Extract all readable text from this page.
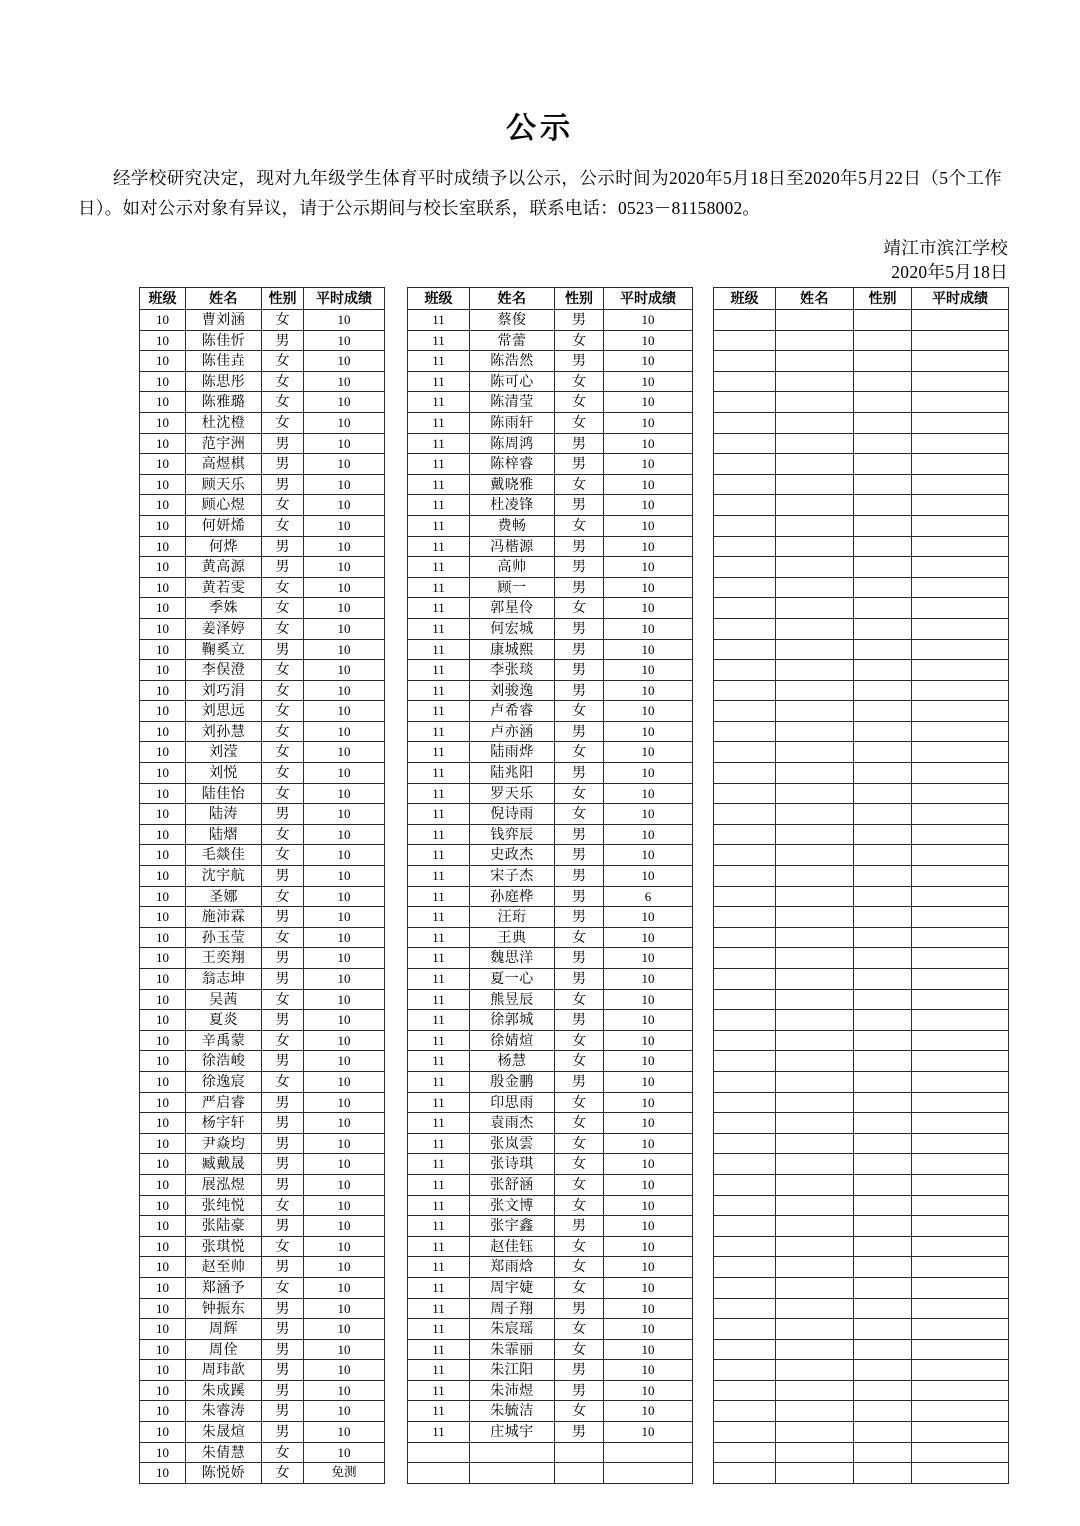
公示

经学校研究决定，现对九年级学生体育平时成绩予以公示，公示时间为2020年5月18日至2020年5月22日（5个工作日）。如对公示对象有异议，请于公示期间与校长室联系，联系电话：0523－81158002。

靖江市滨江学校
2020年5月18日
班级	姓名	性别	平时成绩
10	曹刘涵	女	10
10	陈佳忻	男	10
10	陈佳垚	女	10
10	陈思彤	女	10
10	陈雅璐	女	10
10	杜沈橙	女	10
10	范宇洲	男	10
10	高煜棋	男	10
10	顾天乐	男	10
10	顾心煜	女	10
10	何妍烯	女	10
10	何烨	男	10
10	黄高源	男	10
10	黄若雯	女	10
10	季姝	女	10
10	姜泽婷	女	10
10	鞠奚立	男	10
10	李俣澄	女	10
10	刘巧涓	女	10
10	刘思远	女	10
10	刘孙慧	女	10
10	刘滢	女	10
10	刘悦	女	10
10	陆佳怡	女	10
10	陆涛	男	10
10	陆熠	女	10
10	毛燚佳	女	10
10	沈宇航	男	10
10	圣娜	女	10
10	施沛霖	男	10
10	孙玉莹	女	10
10	王奕翔	男	10
10	翁志坤	男	10
10	吴茜	女	10
10	夏炎	男	10
10	辛禹蒙	女	10
10	徐浩峻	男	10
10	徐逸宸	女	10
10	严启睿	男	10
10	杨宇轩	男	10
10	尹焱均	男	10
10	臧戴晟	男	10
10	展泓煜	男	10
10	张纯悦	女	10
10	张陆豪	男	10
10	张琪悦	女	10
10	赵至帅	男	10
10	郑涵予	女	10
10	钟振东	男	10
10	周辉	男	10
10	周佺	男	10
10	周玮歆	男	10
10	朱成蹊	男	10
10	朱睿涛	男	10
10	朱晟煊	男	10
10	朱倩慧	女	10
10	陈悦娇	女	免测
班级	姓名	性别	平时成绩
11	蔡俊	男	10
11	常蕾	女	10
11	陈浩然	男	10
11	陈可心	女	10
11	陈清莹	女	10
11	陈雨轩	女	10
11	陈周鸿	男	10
11	陈梓睿	男	10
11	戴晓雅	女	10
11	杜凌锋	男	10
11	费畅	女	10
11	冯楷源	男	10
11	高帅	男	10
11	顾一	男	10
11	郭星伶	女	10
11	何宏城	男	10
11	康城熙	男	10
11	李张琰	男	10
11	刘骏逸	男	10
11	卢希睿	女	10
11	卢亦涵	男	10
11	陆雨烨	女	10
11	陆兆阳	男	10
11	罗天乐	女	10
11	倪诗雨	女	10
11	钱弈辰	男	10
11	史政杰	男	10
11	宋子杰	男	10
11	孙庭桦	男	6
11	汪珩	男	10
11	王典	女	10
11	魏思洋	男	10
11	夏一心	男	10
11	熊昱辰	女	10
11	徐郭城	男	10
11	徐婧煊	女	10
11	杨慧	女	10
11	殷金鹏	男	10
11	印思雨	女	10
11	袁雨杰	女	10
11	张岚雲	女	10
11	张诗琪	女	10
11	张舒涵	女	10
11	张文博	女	10
11	张宇鑫	男	10
11	赵佳钰	女	10
11	郑雨焓	女	10
11	周宇婕	女	10
11	周子翔	男	10
11	朱宸瑶	女	10
11	朱霏丽	女	10
11	朱江阳	男	10
11	朱沛煜	男	10
11	朱毓洁	女	10
11	庄城宇	男	10

班级	姓名	性别	平时成绩
